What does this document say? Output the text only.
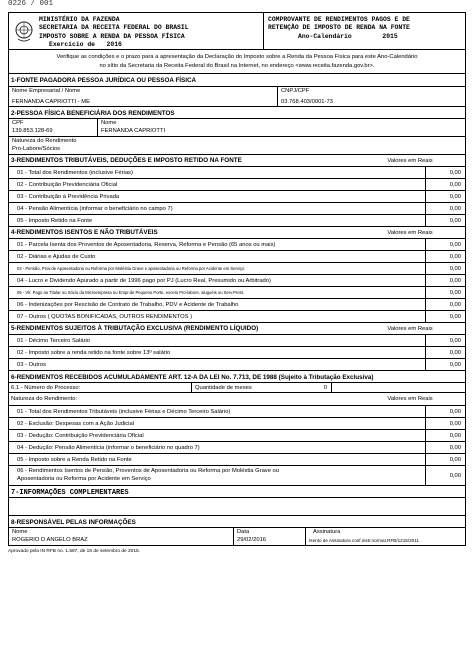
0226 / 001
MINISTÉRIO DA FAZENDA
SECRETARIA DA RECEITA FEDERAL DO BRASIL
IMPOSTO SOBRE A RENDA DA PESSOA FÍSICA
Exercício de   2016
COMPROVANTE DE RENDIMENTOS PAGOS E DE
RETENÇÃO DE IMPOSTO DE RENDA NA FONTE
Ano-Calendário        2015
Verifique as condições e o prazo para a apresentação da Declaração do Imposto sobre a Renda da Pessoa Física para este Ano-Calendário
no sítio da Secretaria da Receita Federal do Brasil na Internet, no endereço <www.receita.fazenda.gov.br>.
1-FONTE PAGADORA PESSOA JURÍDICA OU PESSOA FÍSICA
Nome Empresarial / Nome
FERNANDA CAPRIOTTI - ME
CNPJ/CPF
03.768.403/0001-73
2-PESSOA FÍSICA BENEFICIÁRIA DOS RENDIMENTOS
CPF
139.853.128-69
Nome
FERNANDA CAPRIOTTI
Natureza do Rendimento
Pro-Labore/Sócios
3-RENDIMENTOS TRIBUTÁVEIS, DEDUÇÕES E IMPOSTO RETIDO NA FONTE	Valores em Reais
01 - Total dos Rendimentos (inclusive Férias)	0,00
02 - Contribuição Previdenciária Oficial	0,00
03 - Contribuição à Previdência Privada	0,00
04 - Pensão Alimentícia (informar o beneficiário no campo 7)	0,00
05 - Imposto Retido na Fonte	0,00
4-RENDIMENTOS ISENTOS E NÃO TRIBUTÁVEIS	Valores em Reais
01 - Parcela Isenta dos Proventos de Aposentadoria, Reserva, Reforma e Pensão (65 anos ou mais)	0,00
02 - Diárias e Ajudas de Custo	0,00
03 - Pensão, Prov.de Aposentadoria ou Reforma por Moléstia Grave e aposentadoria ou Reforma por Acidente em Serviço	0,00
04 - Lucro e Dividendo Apurado a partir de 1996 pago por PJ (Lucro Real, Presumido ou Arbitrado)	0,00
05 - Vlr. Pago ao Titular ou Sócio da Microempresa ou Empr.de Pequeno Porte, exceto Pro-labore, aluguéis ou Serv.Prest.	0,00
06 - Indenizações por Rescisão de Contrato de Trabalho, PDV e Acidente de Trabalho	0,00
07 - Outros ( QUOTAS BONIFICADAS, OUTROS RENDIMENTOS )	0,00
5-RENDIMENTOS SUJEITOS À TRIBUTAÇÃO EXCLUSIVA (RENDIMENTO LÍQUIDO)	Valores em Reais
01 - Décimo Terceiro Salário	0,00
02 - Imposto sobre a renda retido na fonte sobre 13º salário	0,00
03 - Outros	0,00
6-RENDIMENTOS RECEBIDOS ACUMULADAMENTE ART. 12-A DA LEI No. 7.713, DE 1988 (Sujeito à Tributação Exclusiva)
6.1 - Número do Processo:	Quantidade de meses	0
Natureza do Rendimento:	Valores em Reais
01 - Total dos Rendimentos Tributáveis (inclusive Férias e Décimo Terceiro Salário)	0,00
02 - Exclusão: Despesas com a Ação Judicial	0,00
03 - Dedução: Contribuição Previdenciária Oficial	0,00
04 - Dedução: Pensão Alimentícia (informar o beneficiário no quadro 7)	0,00
05 - Imposto sobre a Renda Retido na Fonte	0,00
06 - Rendimentos Isentos de Pensão, Proventos de Aposentadoria ou Reforma por Moléstia Grave ou Aposentadoria ou Reforma por Acidente em Serviço	0,00
7-INFORMAÇÕES COMPLEMENTARES
8-RESPONSÁVEL PELAS INFORMAÇÕES
Nome
ROGERIO D ANGELO BRAZ
Data
29/02/2016
Assinatura
Isento de Assinatura conf.instr.normat.RFB/1215/2011
Aprovado pela IN RFB no. 1.587, de 15 de setembro de 2015.
